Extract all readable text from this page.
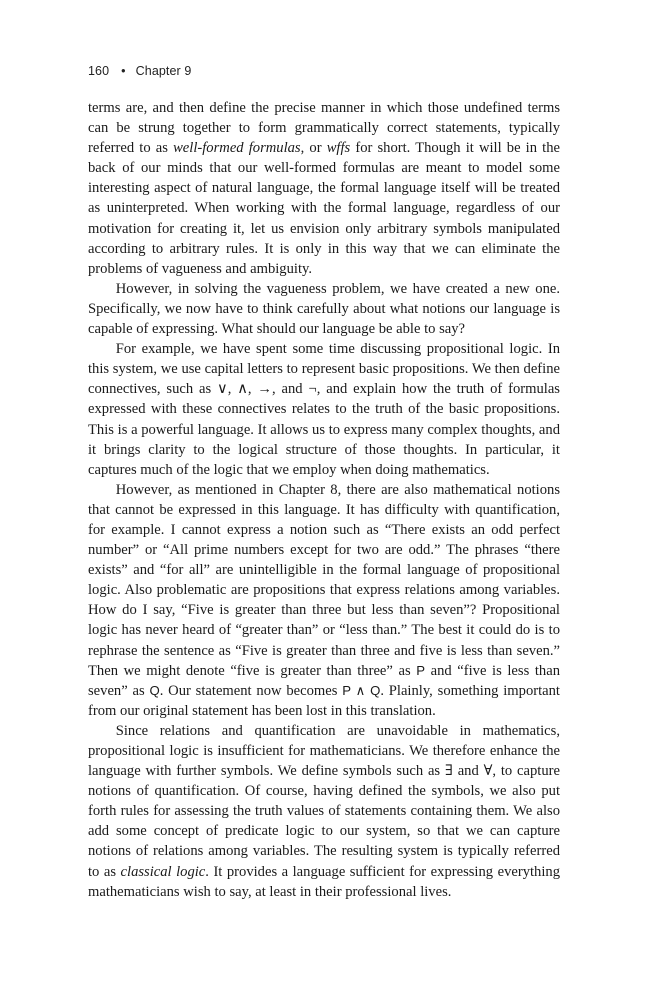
160 • Chapter 9

terms are, and then define the precise manner in which those undefined terms can be strung together to form grammatically correct statements, typically referred to as well-formed formulas, or wffs for short. Though it will be in the back of our minds that our well-formed formulas are meant to model some interesting aspect of natural language, the formal language itself will be treated as uninterpreted. When working with the formal language, regardless of our motivation for creating it, let us envision only arbitrary symbols manipulated according to arbitrary rules. It is only in this way that we can eliminate the problems of vagueness and ambiguity.

However, in solving the vagueness problem, we have created a new one. Specifically, we now have to think carefully about what notions our language is capable of expressing. What should our language be able to say?

For example, we have spent some time discussing propositional logic. In this system, we use capital letters to represent basic propositions. We then define connectives, such as ∨, ∧, →, and ¬, and explain how the truth of formulas expressed with these connectives relates to the truth of the basic propositions. This is a powerful language. It allows us to express many complex thoughts, and it brings clarity to the logical structure of those thoughts. In particular, it captures much of the logic that we employ when doing mathematics.

However, as mentioned in Chapter 8, there are also mathematical notions that cannot be expressed in this language. It has difficulty with quantification, for example. I cannot express a notion such as “There exists an odd perfect number” or “All prime numbers except for two are odd.” The phrases “there exists” and “for all” are unintelligible in the formal language of propositional logic. Also problematic are propositions that express relations among variables. How do I say, “Five is greater than three but less than seven”? Propositional logic has never heard of “greater than” or “less than.” The best it could do is to rephrase the sentence as “Five is greater than three and five is less than seven.” Then we might denote “five is greater than three” as P and “five is less than seven” as Q. Our statement now becomes P ∧ Q. Plainly, something important from our original statement has been lost in this translation.

Since relations and quantification are unavoidable in mathematics, propositional logic is insufficient for mathematicians. We therefore enhance the language with further symbols. We define symbols such as ∃ and ∀, to capture notions of quantification. Of course, having defined the symbols, we also put forth rules for assessing the truth values of statements containing them. We also add some concept of predicate logic to our system, so that we can capture notions of relations among variables. The resulting system is typically referred to as classical logic. It provides a language sufficient for expressing everything mathematicians wish to say, at least in their professional lives.
